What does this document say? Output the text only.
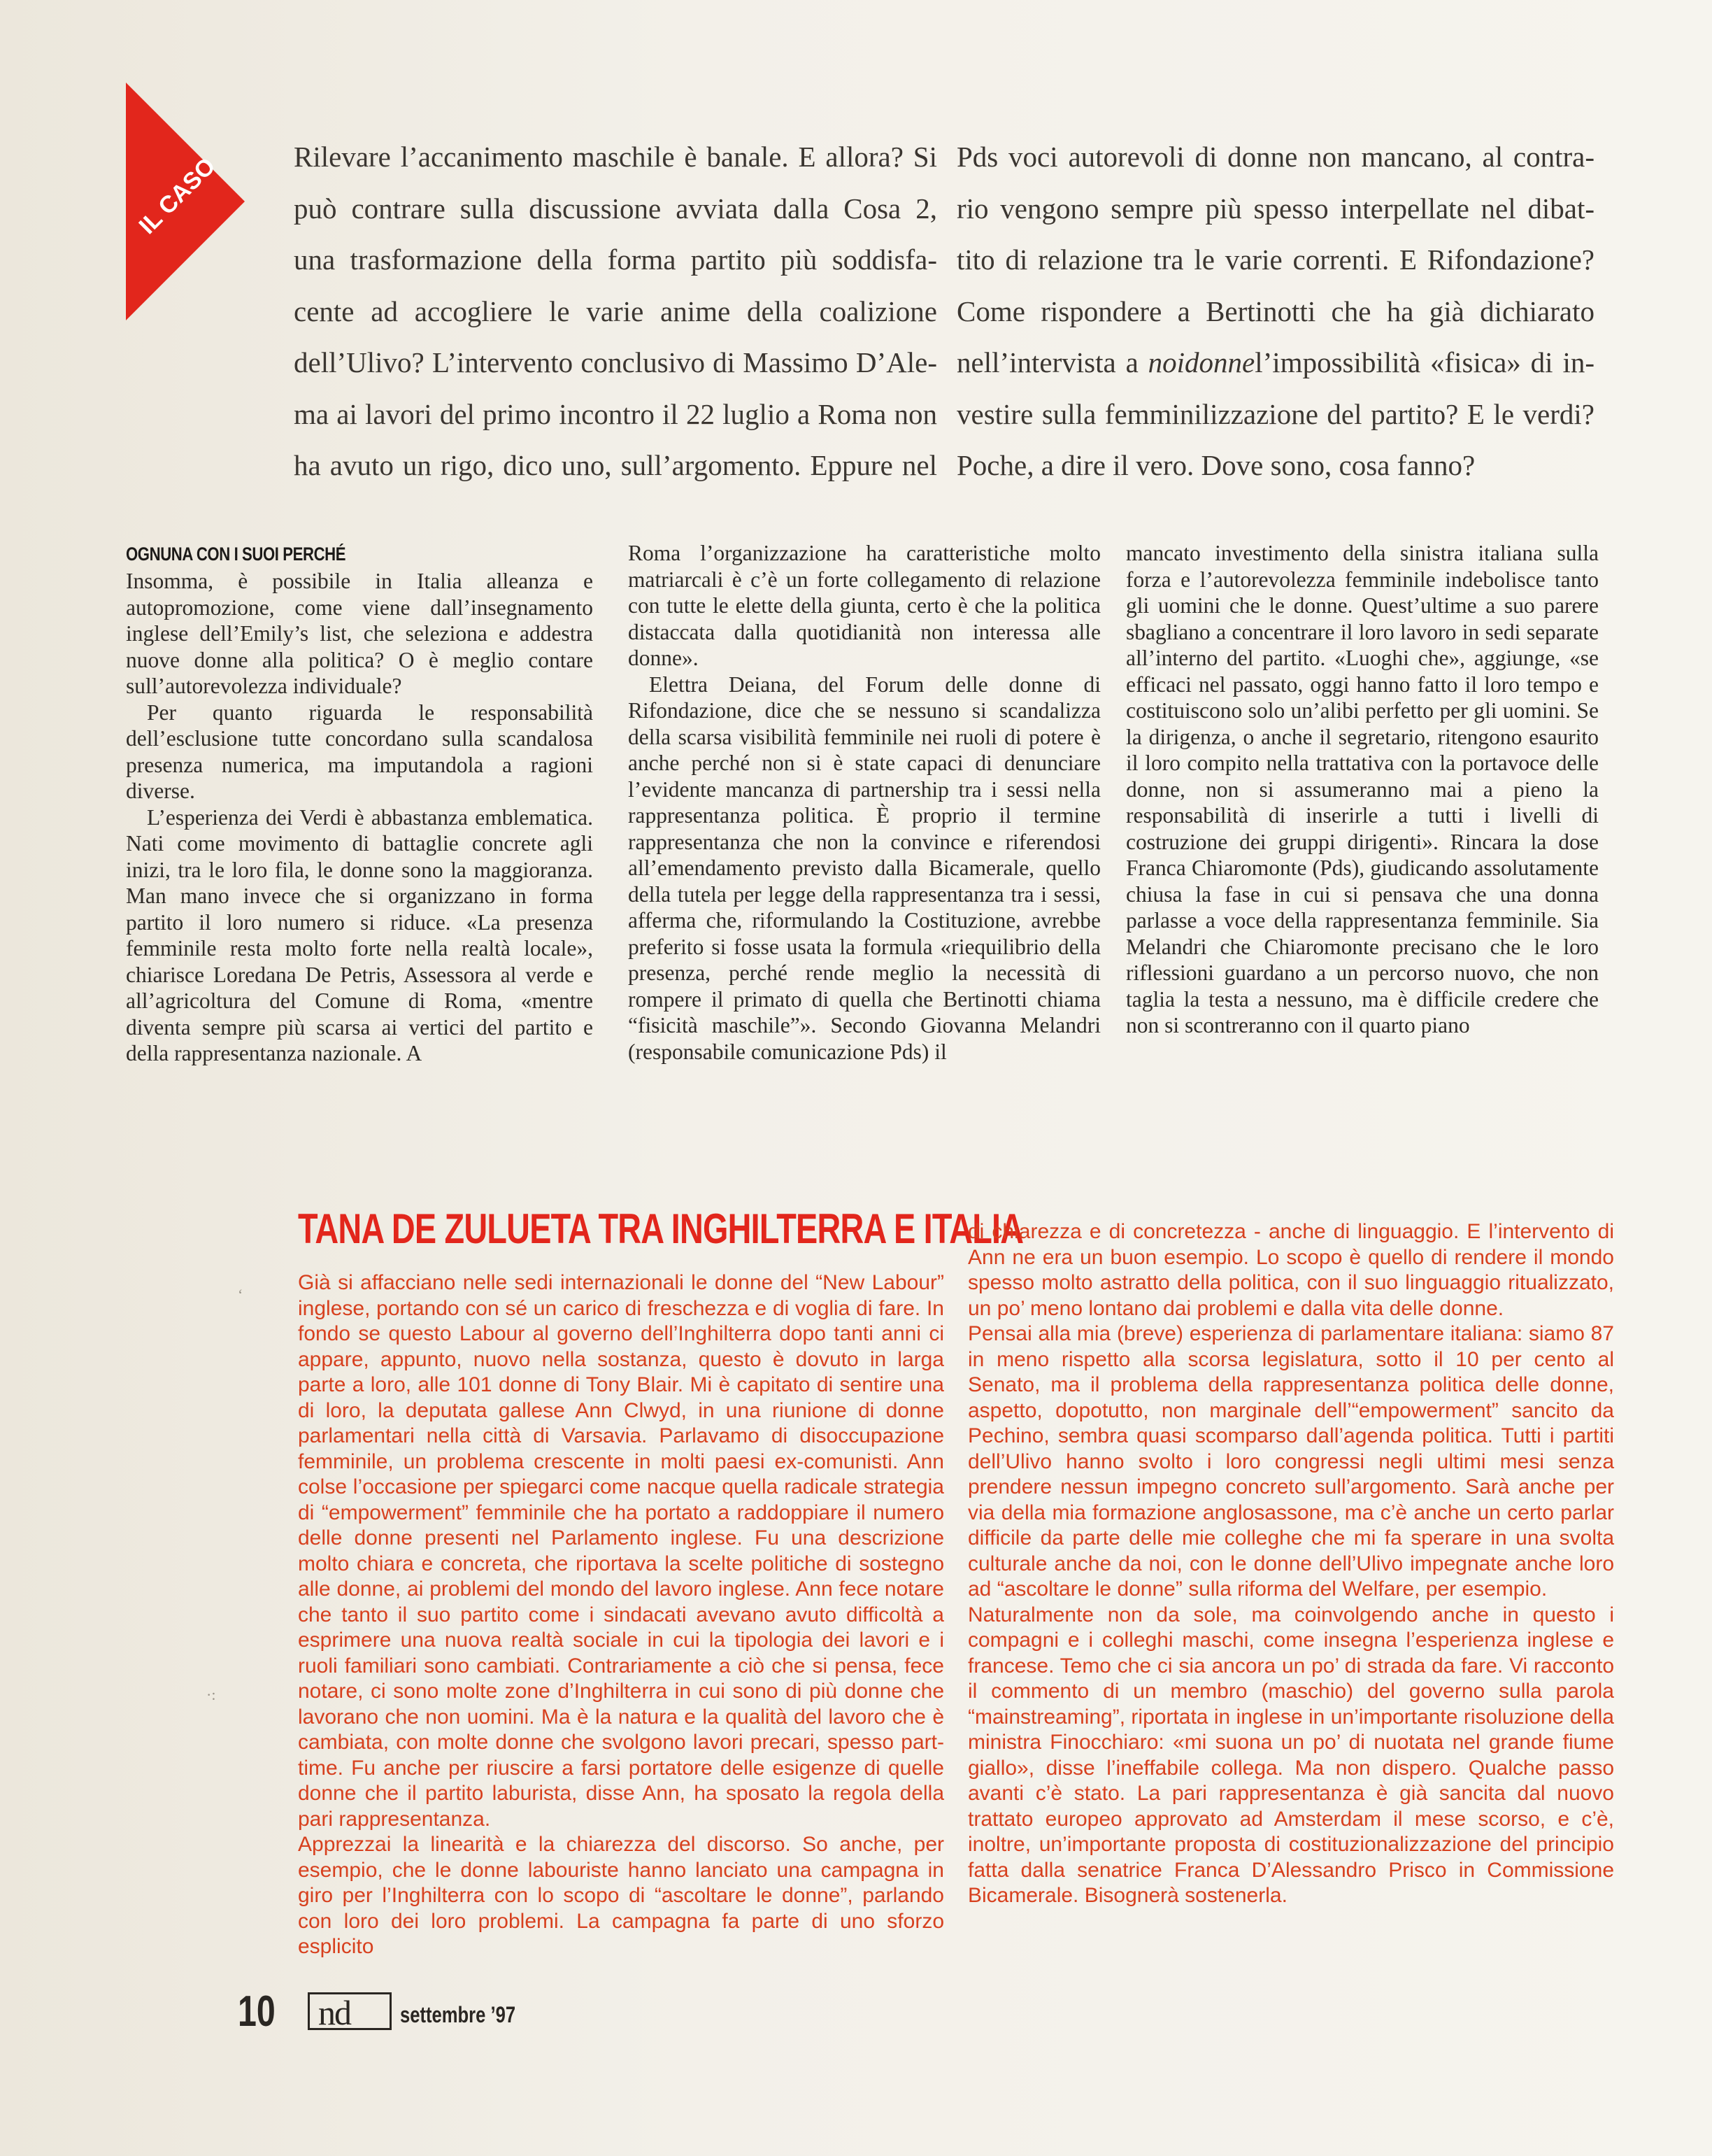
IL CASO	Rilevare l’accanimento maschile è banale. E allora? Si

può contrare sulla discussione avviata dalla Cosa 2,

una trasformazione della forma partito più soddisfa-

cente ad accogliere le varie anime della coalizione

dell’Ulivo? L’intervento conclusivo di Massimo D’Ale-

ma ai lavori del primo incontro il 22 luglio a Roma non

ha avuto un rigo, dico uno, sull’argomento. Eppure nel

Pds voci autorevoli di donne non mancano, al contra-

rio vengono sempre più spesso interpellate nel dibat-

tito di relazione tra le varie correnti. E Rifondazione?

Come rispondere a Bertinotti che ha già dichiarato

nell’intervista a noidonnel’impossibilità «fisica» di in-

vestire sulla femminilizzazione del partito? E le verdi?

Poche, a dire il vero. Dove sono, cosa fanno?

OGNUNA CON I SUOI PERCHÉ

Insomma, è possibile in Italia alleanza e autopromozione, come viene dall’insegnamento inglese dell’Emily’s list, che seleziona e addestra nuove donne alla politica? O è meglio contare sull’autorevolezza individuale?

Per quanto riguarda le responsabilità dell’esclusione tutte concordano sulla scandalosa presenza numerica, ma imputandola a ragioni diverse.

L’esperienza dei Verdi è abbastanza emblematica. Nati come movimento di battaglie concrete agli inizi, tra le loro fila, le donne sono la maggioranza. Man mano invece che si organizzano in forma partito il loro numero si riduce. «La presenza femminile resta molto forte nella realtà locale», chiarisce Loredana De Petris, Assessora al verde e all’agricoltura del Comune di Roma, «mentre diventa sempre più scarsa ai vertici del partito e della rappresentanza nazionale. A

Roma l’organizzazione ha caratteristiche molto matriarcali è c’è un forte collegamento di relazione con tutte le elette della giunta, certo è che la politica distaccata dalla quotidianità non interessa alle donne».

Elettra Deiana, del Forum delle donne di Rifondazione, dice che se nessuno si scandalizza della scarsa visibilità femminile nei ruoli di potere è anche perché non si è state capaci di denunciare l’evidente mancanza di partnership tra i sessi nella rappresentanza politica. È proprio il termine rappresentanza che non la convince e riferendosi all’emendamento previsto dalla Bicamerale, quello della tutela per legge della rappresentanza tra i sessi, afferma che, riformulando la Costituzione, avrebbe preferito si fosse usata la formula «riequilibrio della presenza, perché rende meglio la necessità di rompere il primato di quella che Bertinotti chiama “fisicità maschile”». Secondo Giovanna Melandri (responsabile comunicazione Pds) il

mancato investimento della sinistra italiana sulla forza e l’autorevolezza femminile indebolisce tanto gli uomini che le donne. Quest’ultime a suo parere sbagliano a concentrare il loro lavoro in sedi separate all’interno del partito. «Luoghi che», aggiunge, «se efficaci nel passato, oggi hanno fatto il loro tempo e costituiscono solo un’alibi perfetto per gli uomini. Se la dirigenza, o anche il segretario, ritengono esaurito il loro compito nella trattativa con la portavoce delle donne, non si assumeranno mai a pieno la responsabilità di inserirle a tutti i livelli di costruzione dei gruppi dirigenti». Rincara la dose Franca Chiaromonte (Pds), giudicando assolutamente chiusa la fase in cui si pensava che una donna parlasse a voce della rappresentanza femminile. Sia Melandri che Chiaromonte precisano che le loro riflessioni guardano a un percorso nuovo, che non taglia la testa a nessuno, ma è difficile credere che non si scontreranno con il quarto piano

TANA DE ZULUETA TRA INGHILTERRA E ITALIA

Già si affacciano nelle sedi internazionali le donne del “New Labour” inglese, portando con sé un carico di freschezza e di voglia di fare. In fondo se questo Labour al governo dell’Inghilterra dopo tanti anni ci appare, appunto, nuovo nella sostanza, questo è dovuto in larga parte a loro, alle 101 donne di Tony Blair. Mi è capitato di sentire una di loro, la deputata gallese Ann Clwyd, in una riunione di donne parlamentari nella città di Varsavia. Parlavamo di disoccupazione femminile, un problema crescente in molti paesi ex-comunisti. Ann colse l’occasione per spiegarci come nacque quella radicale strategia di “empowerment” femminile che ha portato a raddoppiare il numero delle donne presenti nel Parlamento inglese. Fu una descrizione molto chiara e concreta, che riportava la scelte politiche di sostegno alle donne, ai problemi del mondo del lavoro inglese. Ann fece notare che tanto il suo partito come i sindacati avevano avuto difficoltà a esprimere una nuova realtà sociale in cui la tipologia dei lavori e i ruoli familiari sono cambiati. Contrariamente a ciò che si pensa, fece notare, ci sono molte zone d’Inghilterra in cui sono di più donne che lavorano che non uomini. Ma è la natura e la qualità del lavoro che è cambiata, con molte donne che svolgono lavori precari, spesso part-time. Fu anche per riuscire a farsi portatore delle esigenze di quelle donne che il partito laburista, disse Ann, ha sposato la regola della pari rappresentanza.

Apprezzai la linearità e la chiarezza del discorso. So anche, per esempio, che le donne labouriste hanno lanciato una campagna in giro per l’Inghilterra con lo scopo di “ascoltare le donne”, parlando con loro dei loro problemi. La campagna fa parte di uno sforzo esplicito

di chiarezza e di concretezza - anche di linguaggio. E l’intervento di Ann ne era un buon esempio. Lo scopo è quello di rendere il mondo spesso molto astratto della politica, con il suo linguaggio ritualizzato, un po’ meno lontano dai problemi e dalla vita delle donne.

Pensai alla mia (breve) esperienza di parlamentare italiana: siamo 87 in meno rispetto alla scorsa legislatura, sotto il 10 per cento al Senato, ma il problema della rappresentanza politica delle donne, aspetto, dopotutto, non marginale dell’“empowerment” sancito da Pechino, sembra quasi scomparso dall’agenda politica. Tutti i partiti dell’Ulivo hanno svolto i loro congressi negli ultimi mesi senza prendere nessun impegno concreto sull’argomento. Sarà anche per via della mia formazione anglosassone, ma c’è anche un certo parlar difficile da parte delle mie colleghe che mi fa sperare in una svolta culturale anche da noi, con le donne dell’Ulivo impegnate anche loro ad “ascoltare le donne” sulla riforma del Welfare, per esempio.

Naturalmente non da sole, ma coinvolgendo anche in questo i compagni e i colleghi maschi, come insegna l’esperienza inglese e francese. Temo che ci sia ancora un po’ di strada da fare. Vi racconto il commento di un membro (maschio) del governo sulla parola “mainstreaming”, riportata in inglese in un’importante risoluzione della ministra Finocchiaro: «mi suona un po’ di nuotata nel grande fiume giallo», disse l’ineffabile collega. Ma non dispero. Qualche passo avanti c’è stato. La pari rappresentanza è già sancita dal nuovo trattato europeo approvato ad Amsterdam il mese scorso, e c’è, inoltre, un’importante proposta di costituzionalizzazione del principio fatta dalla senatrice Franca D’Alessandro Prisco in Commissione Bicamerale. Bisognerà sostenerla.

‘
·:
10 nd settembre ’97
